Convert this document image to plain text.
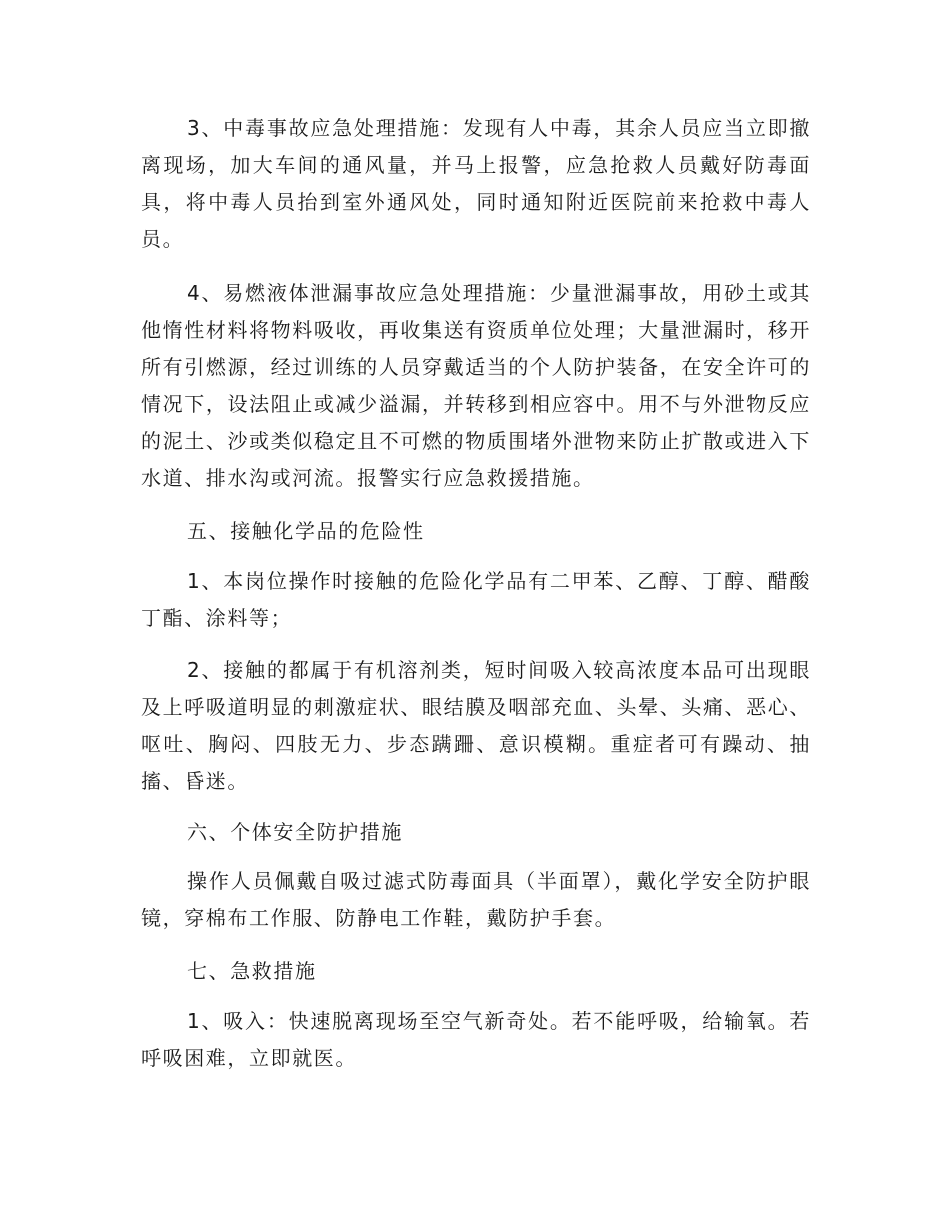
3、中毒事故应急处理措施：发现有人中毒，其余人员应当立即撤离现场，加大车间的通风量，并马上报警，应急抢救人员戴好防毒面具，将中毒人员抬到室外通风处，同时通知附近医院前来抢救中毒人员。

4、易燃液体泄漏事故应急处理措施：少量泄漏事故，用砂土或其他惰性材料将物料吸收，再收集送有资质单位处理；大量泄漏时，移开所有引燃源，经过训练的人员穿戴适当的个人防护装备，在安全许可的情况下，设法阻止或减少溢漏，并转移到相应容中。用不与外泄物反应的泥土、沙或类似稳定且不可燃的物质围堵外泄物来防止扩散或进入下水道、排水沟或河流。报警实行应急救援措施。

五、接触化学品的危险性

1、本岗位操作时接触的危险化学品有二甲苯、乙醇、丁醇、醋酸丁酯、涂料等；

2、接触的都属于有机溶剂类，短时间吸入较高浓度本品可出现眼及上呼吸道明显的刺激症状、眼结膜及咽部充血、头晕、头痛、恶心、呕吐、胸闷、四肢无力、步态蹒跚、意识模糊。重症者可有躁动、抽搐、昏迷。

六、个体安全防护措施

操作人员佩戴自吸过滤式防毒面具（半面罩），戴化学安全防护眼镜，穿棉布工作服、防静电工作鞋，戴防护手套。

七、急救措施

1、吸入：快速脱离现场至空气新奇处。若不能呼吸，给输氧。若呼吸困难，立即就医。
